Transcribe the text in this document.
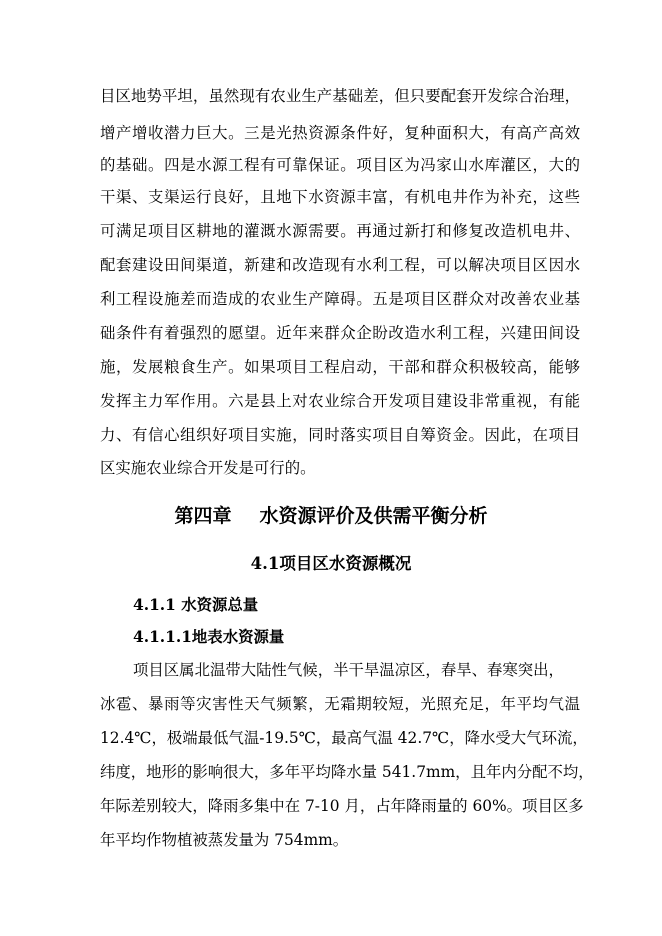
目区地势平坦，虽然现有农业生产基础差，但只要配套开发综合治理，
增产增收潜力巨大。三是光热资源条件好，复种面积大，有高产高效
的基础。四是水源工程有可靠保证。项目区为冯家山水库灌区，大的
干渠、支渠运行良好，且地下水资源丰富，有机电井作为补充，这些
可满足项目区耕地的灌溉水源需要。再通过新打和修复改造机电井、
配套建设田间渠道，新建和改造现有水利工程，可以解决项目区因水
利工程设施差而造成的农业生产障碍。五是项目区群众对改善农业基
础条件有着强烈的愿望。近年来群众企盼改造水利工程，兴建田间设
施，发展粮食生产。如果项目工程启动，干部和群众积极较高，能够
发挥主力军作用。六是县上对农业综合开发项目建设非常重视，有能
力、有信心组织好项目实施，同时落实项目自筹资金。因此，在项目
区实施农业综合开发是可行的。
第四章 水资源评价及供需平衡分析
4.1项目区水资源概况
4.1.1 水资源总量
4.1.1.1地表水资源量
项目区属北温带大陆性气候，半干旱温凉区，春旱、春寒突出，
冰雹、暴雨等灾害性天气频繁，无霜期较短，光照充足，年平均气温
12.4℃，极端最低气温-19.5℃，最高气温 42.7℃，降水受大气环流，
纬度，地形的影响很大，多年平均降水量 541.7mm，且年内分配不均，
年际差别较大，降雨多集中在 7-10 月，占年降雨量的 60%。项目区多
年平均作物植被蒸发量为 754mm。
